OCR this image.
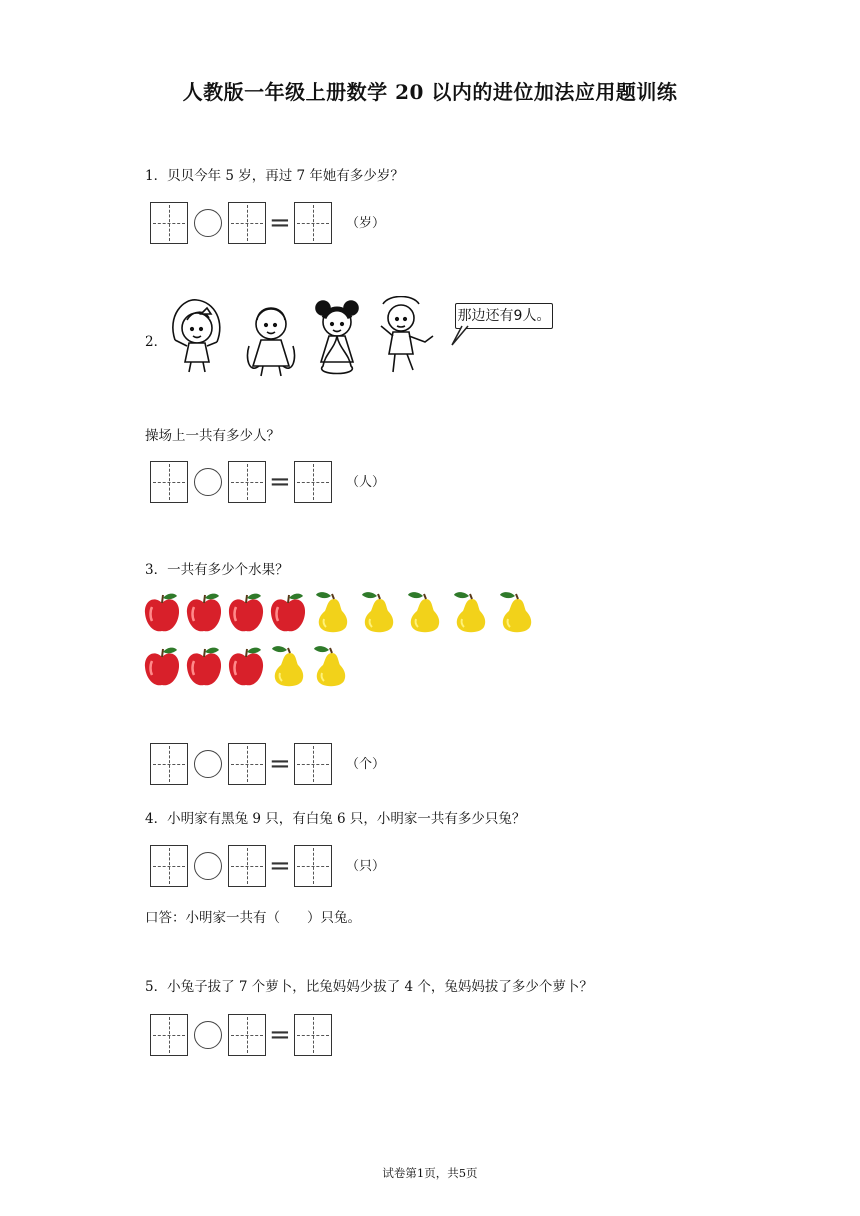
人教版一年级上册数学 20 以内的进位加法应用题训练
1．贝贝今年 5 岁，再过 7 年她有多少岁？
=	（岁）
2．
那边还有9人。
操场上一共有多少人？
=	（人）
3．一共有多少个水果？
=	（个）
4．小明家有黑兔 9 只，有白兔 6 只，小明家一共有多少只兔？
=	（只）
口答：小明家一共有（　　）只兔。
5．小兔子拔了 7 个萝卜，比兔妈妈少拔了 4 个，兔妈妈拔了多少个萝卜？
=
试卷第1页，共5页
